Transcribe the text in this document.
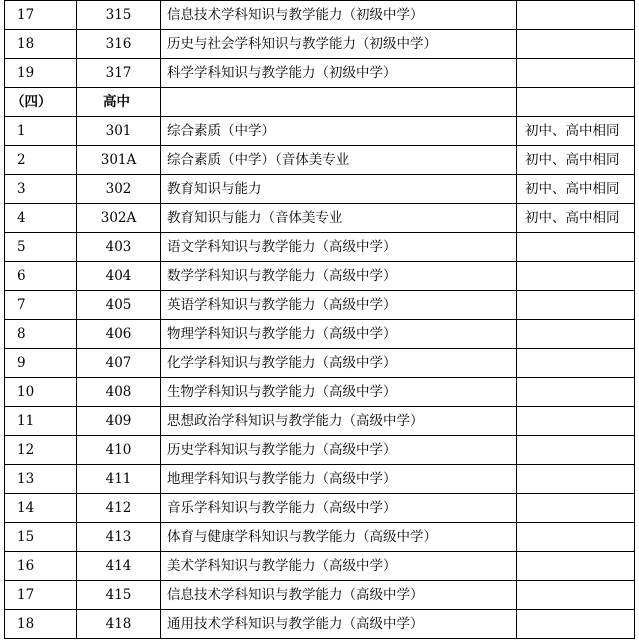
17	315	信息技术学科知识与教学能力（初级中学）	
18	316	历史与社会学科知识与教学能力（初级中学）	
19	317	科学学科知识与教学能力（初级中学）	
（四）	高中		
1	301	综合素质（中学）	初中、高中相同
2	301A	综合素质（中学）（音体美专业	初中、高中相同
3	302	教育知识与能力	初中、高中相同
4	302A	教育知识与能力（音体美专业	初中、高中相同
5	403	语文学科知识与教学能力（高级中学）	
6	404	数学学科知识与教学能力（高级中学）	
7	405	英语学科知识与教学能力（高级中学）	
8	406	物理学科知识与教学能力（高级中学）	
9	407	化学学科知识与教学能力（高级中学）	
10	408	生物学科知识与教学能力（高级中学）	
11	409	思想政治学科知识与教学能力（高级中学）	
12	410	历史学科知识与教学能力（高级中学）	
13	411	地理学科知识与教学能力（高级中学）	
14	412	音乐学科知识与教学能力（高级中学）	
15	413	体育与健康学科知识与教学能力（高级中学）	
16	414	美术学科知识与教学能力（高级中学）	
17	415	信息技术学科知识与教学能力（高级中学）	
18	418	通用技术学科知识与教学能力（高级中学）	
